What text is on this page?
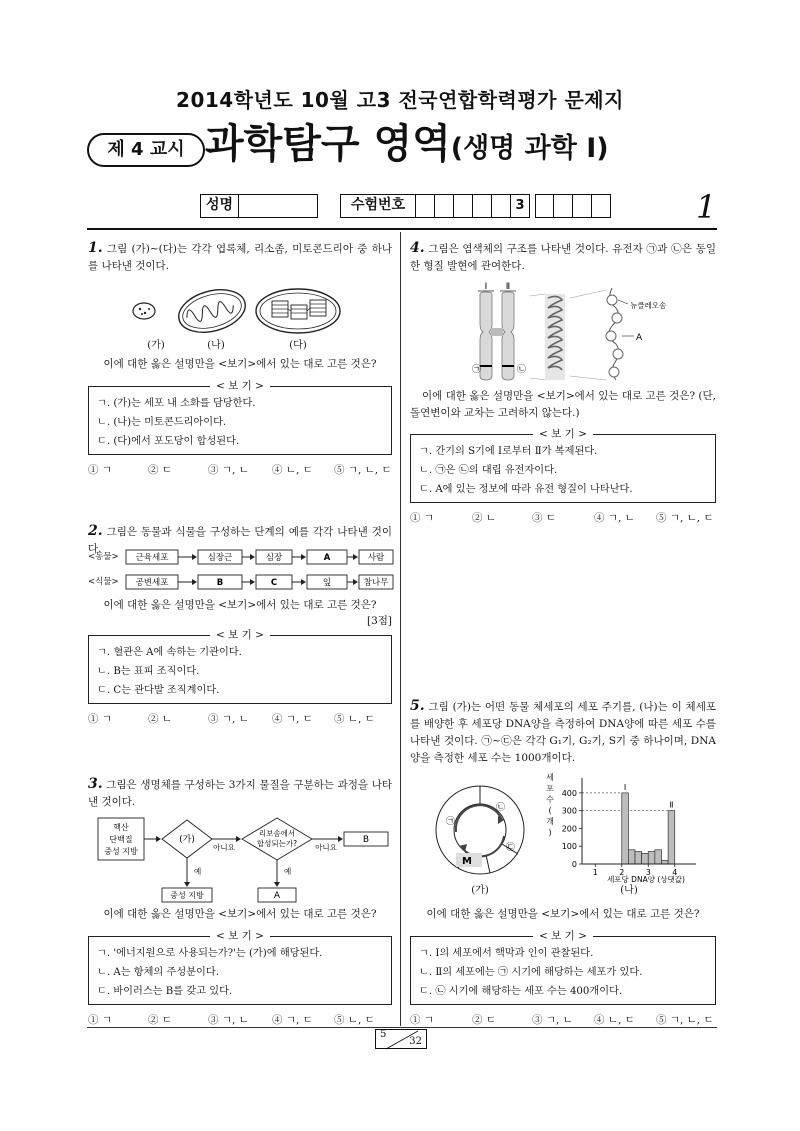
2014학년도 10월 고3 전국연합학력평가 문제지
제 4 교시 과학탐구 영역(생명 과학 Ⅰ)
성명	수험번호	3	1
1. 그림 (가)~(다)는 각각 엽록체, 리소좀, 미토콘드리아 중 하나를 나타낸 것이다.
(가)	(나)	(다)
이에 대한 옳은 설명만을 <보기>에서 있는 대로 고른 것은?
< 보 기 >
ㄱ. (가)는 세포 내 소화를 담당한다.
ㄴ. (나)는 미토콘드리아이다.
ㄷ. (다)에서 포도당이 합성된다.
① ㄱ	② ㄷ	③ ㄱ, ㄴ	④ ㄴ, ㄷ	⑤ ㄱ, ㄴ, ㄷ
2. 그림은 동물과 식물을 구성하는 단계의 예를 각각 나타낸 것이다.
<동물> 근육세포	심장근	심장	A	사람
<식물> 공변세포	B	C	잎	참나무
이에 대한 옳은 설명만을 <보기>에서 있는 대로 고른 것은?
[3점]
< 보 기 >
ㄱ. 혈관은 A에 속하는 기관이다.
ㄴ. B는 표피 조직이다.
ㄷ. C는 관다발 조직계이다.
① ㄱ	② ㄴ	③ ㄱ, ㄴ	④ ㄱ, ㄷ	⑤ ㄴ, ㄷ
3. 그림은 생명체를 구성하는 3가지 물질을 구분하는 과정을 나타낸 것이다.
핵산
단백질
중성 지방
(가)
아니요
리보솜에서
합성되는가? 아니요
B
예
중성 지방
예
A
이에 대한 옳은 설명만을 <보기>에서 있는 대로 고른 것은?
< 보 기 >
ㄱ. '에너지원으로 사용되는가?'는 (가)에 해당된다.
ㄴ. A는 항체의 주성분이다.
ㄷ. 바이러스는 B를 갖고 있다.
① ㄱ	② ㄷ	③ ㄱ, ㄴ	④ ㄱ, ㄷ	⑤ ㄴ, ㄷ
4. 그림은 염색체의 구조를 나타낸 것이다. 유전자 ㉠과 ㉡은 동일한 형질 발현에 관여한다.
Ⅰ Ⅱ
㉠	㉡
뉴클레오솜
A
이에 대한 옳은 설명만을 <보기>에서 있는 대로 고른 것은? (단, 돌연변이와 교차는 고려하지 않는다.)
< 보 기 >
ㄱ. 간기의 S기에 Ⅰ로부터 Ⅱ가 복제된다.
ㄴ. ㉠은 ㉡의 대립 유전자이다.
ㄷ. A에 있는 정보에 따라 유전 형질이 나타난다.
① ㄱ	② ㄴ	③ ㄷ	④ ㄱ, ㄴ	⑤ ㄱ, ㄴ, ㄷ
5. 그림 (가)는 어떤 동물 체세포의 세포 주기를, (나)는 이 체세포를 배양한 후 세포당 DNA양을 측정하여 DNA양에 따른 세포 수를 나타낸 것이다. ㉠~㉢은 각각 G₁기, G₂기, S기 중 하나이며, DNA양을 측정한 세포 수는 1000개이다.
㉠
㉡
㉢
M
(가)
세
포
수
(
개
)
0
100
200
300
400
1	2	3	4
Ⅰ
Ⅱ
세포당 DNA양 (상댓값)
(나)
이에 대한 옳은 설명만을 <보기>에서 있는 대로 고른 것은?
< 보 기 >
ㄱ. Ⅰ의 세포에서 핵막과 인이 관찰된다.
ㄴ. Ⅱ의 세포에는 ㉠ 시기에 해당하는 세포가 있다.
ㄷ. ㉡ 시기에 해당하는 세포 수는 400개이다.
① ㄱ	② ㄷ	③ ㄱ, ㄴ	④ ㄴ, ㄷ	⑤ ㄱ, ㄴ, ㄷ
5
32
